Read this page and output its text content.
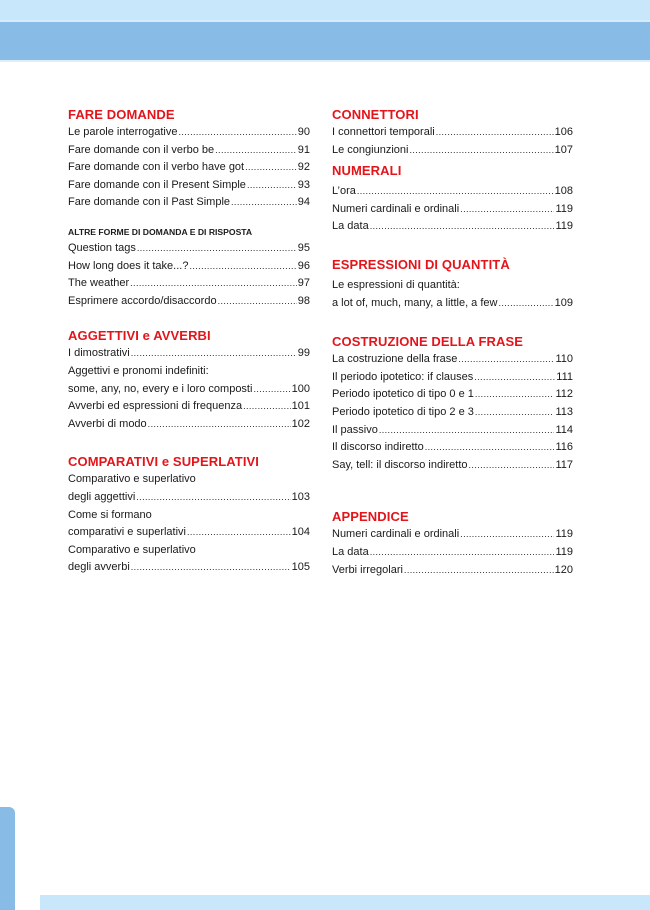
FARE DOMANDE
Le parole interrogative .....	90
Fare domande con il verbo be .....	91
Fare domande con il verbo have got .....	92
Fare domande con il Present Simple .....	93
Fare domande con il Past Simple .....	94
ALTRE FORME DI DOMANDA E DI RISPOSTA
Question tags .....	95
How long does it take...? .....	96
The weather .....	97
Esprimere accordo/disaccordo .....	98
AGGETTIVI e AVVERBI
I dimostrativi .....	99
Aggettivi e pronomi indefiniti:
some, any, no, every e i loro composti .....	100
Avverbi ed espressioni di frequenza .....	101
Avverbi di modo .....	102
COMPARATIVI e SUPERLATIVI
Comparativo e superlativo
degli aggettivi .....	103
Come si formano
comparativi e superlativi .....	104
Comparativo e superlativo
degli avverbi .....	105
CONNETTORI
I connettori temporali .....	106
Le congiunzioni .....	107
NUMERALI
L’ora .....	108
Numeri cardinali e ordinali .....	119
La data .....	119
ESPRESSIONI DI QUANTITÀ
Le espressioni di quantità:
a lot of, much, many, a little, a few .....	109
COSTRUZIONE DELLA FRASE
La costruzione della frase .....	110
Il periodo ipotetico: if clauses .....	111
Periodo ipotetico di tipo 0 e 1 .....	112
Periodo ipotetico di tipo 2 e 3 .....	113
Il passivo .....	114
Il discorso indiretto .....	116
Say, tell: il discorso indiretto .....	117
APPENDICE
Numeri cardinali e ordinali .....	119
La data .....	119
Verbi irregolari .....	120
